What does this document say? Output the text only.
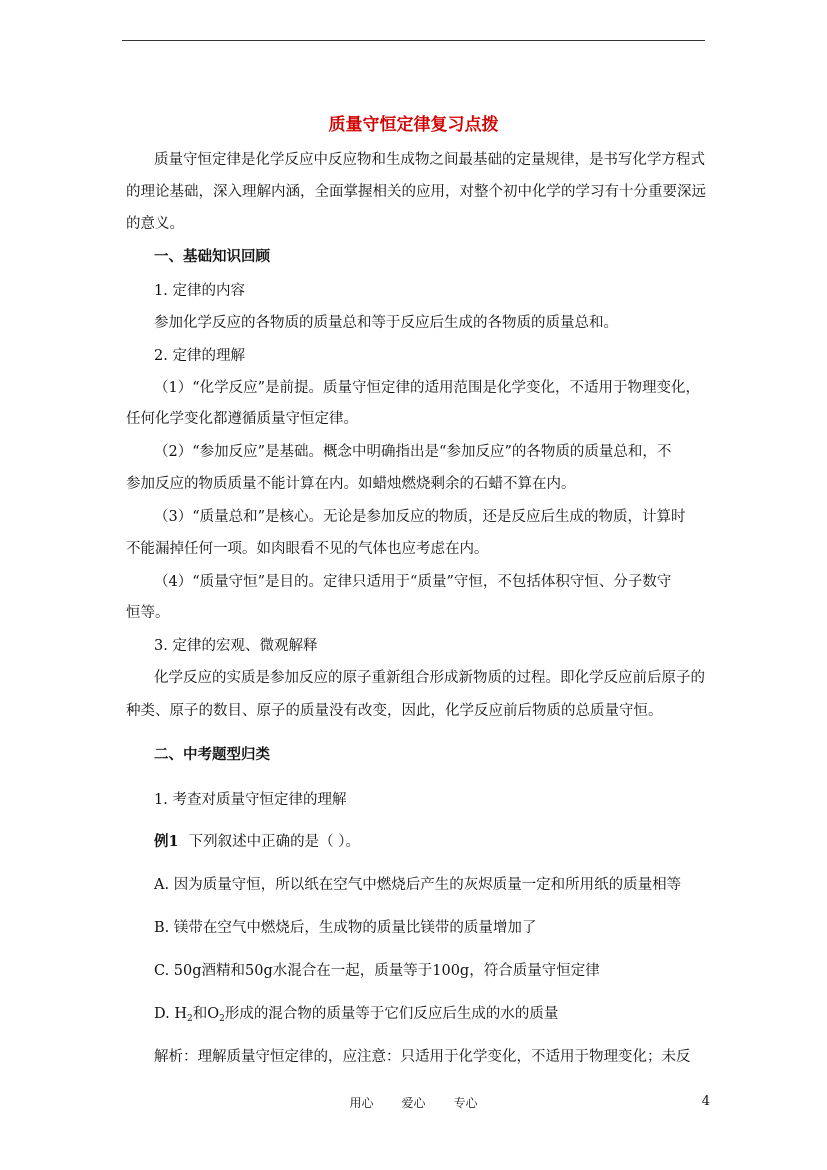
质量守恒定律复习点拨
质量守恒定律是化学反应中反应物和生成物之间最基础的定量规律，是书写化学方程式
的理论基础，深入理解内涵，全面掌握相关的应用，对整个初中化学的学习有十分重要深远
的意义。
一、基础知识回顾
1. 定律的内容
参加化学反应的各物质的质量总和等于反应后生成的各物质的质量总和。
2. 定律的理解
（1）“化学反应”是前提。质量守恒定律的适用范围是化学变化，不适用于物理变化，
任何化学变化都遵循质量守恒定律。
（2）“参加反应”是基础。概念中明确指出是“参加反应”的各物质的质量总和，不
参加反应的物质质量不能计算在内。如蜡烛燃烧剩余的石蜡不算在内。
（3）“质量总和”是核心。无论是参加反应的物质，还是反应后生成的物质，计算时
不能漏掉任何一项。如肉眼看不见的气体也应考虑在内。
（4）“质量守恒”是目的。定律只适用于“质量”守恒，不包括体积守恒、分子数守
恒等。
3. 定律的宏观、微观解释
化学反应的实质是参加反应的原子重新组合形成新物质的过程。即化学反应前后原子的
种类、原子的数目、原子的质量没有改变，因此，化学反应前后物质的总质量守恒。
二、中考题型归类
1. 考查对质量守恒定律的理解
例1 下列叙述中正确的是（ ）。
A. 因为质量守恒，所以纸在空气中燃烧后产生的灰烬质量一定和所用纸的质量相等
B. 镁带在空气中燃烧后，生成物的质量比镁带的质量增加了
C. 50g酒精和50g水混合在一起，质量等于100g，符合质量守恒定律
D. $H_2$和$O_2$形成的混合物的质量等于它们反应后生成的水的质量
解析：理解质量守恒定律的，应注意：只适用于化学变化，不适用于物理变化；未反
用心 爱心 专心	4
